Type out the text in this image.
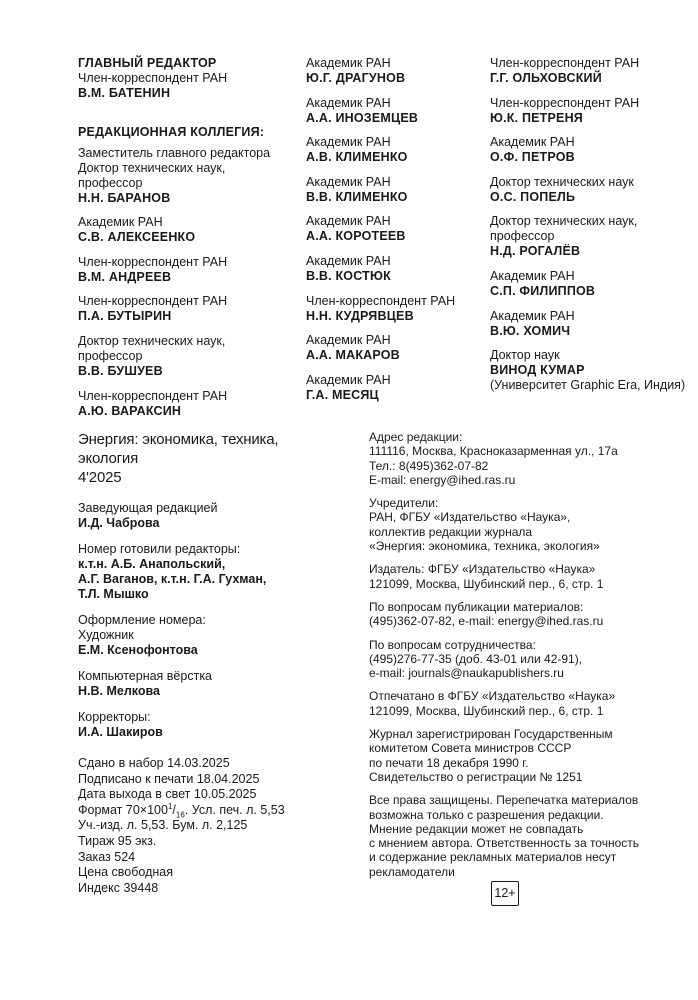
ГЛАВНЫЙ РЕДАКТОР

Член-корреспондент РАН
В.М. БАТЕНИН

РЕДАКЦИОННАЯ КОЛЛЕГИЯ:

Заместитель главного редактора Доктор технических наук, профессор
Н.Н. БАРАНОВ
Академик РАН
С.В. АЛЕКСЕЕНКО
Член-корреспондент РАН
В.М. АНДРЕЕВ
Член-корреспондент РАН
П.А. БУТЫРИН
Доктор технических наук, профессор
В.В. БУШУЕВ
Член-корреспондент РАН
А.Ю. ВАРАКСИН
Академик РАН
Ю.Г. ДРАГУНОВ
Академик РАН
А.А. ИНОЗЕМЦЕВ
Академик РАН
А.В. КЛИМЕНКО
Академик РАН
В.В. КЛИМЕНКО
Академик РАН
А.А. КОРОТЕЕВ
Академик РАН
В.В. КОСТЮК
Член-корреспондент РАН
Н.Н. КУДРЯВЦЕВ
Академик РАН
А.А. МАКАРОВ
Академик РАН
Г.А. МЕСЯЦ
Член-корреспондент РАН
Г.Г. ОЛЬХОВСКИЙ
Член-корреспондент РАН
Ю.К. ПЕТРЕНЯ
Академик РАН
О.Ф. ПЕТРОВ
Доктор технических наук
О.С. ПОПЕЛЬ
Доктор технических наук, профессор
Н.Д. РОГАЛЁВ
Академик РАН
С.П. ФИЛИППОВ
Академик РАН
В.Ю. ХОМИЧ
Доктор наук
ВИНОД КУМАР
(Университет Graphic Era, Индия)
Энергия: экономика, техника, экология
4'2025
Заведующая редакцией
И.Д. Чаброва
Номер готовили редакторы:
к.т.н. А.Б. Анапольский,
А.Г. Ваганов, к.т.н. Г.А. Гухман,
Т.Л. Мышко
Оформление номера:
Художник
Е.М. Ксенофонтова
Компьютерная вёрстка
Н.В. Мелкова
Корректоры:
И.А. Шакиров
Сдано в набор 14.03.2025
Подписано к печати 18.04.2025
Дата выхода в свет 10.05.2025
Формат $70\times 100^1/_{16}$. Усл. печ. л. 5,53
Уч.-изд. л. 5,53. Бум. л. 2,125
Тираж 95 экз.
Заказ 524
Цена свободная
Индекс 39448
Адрес редакции:
111116, Москва, Красноказарменная ул., 17а
Тел.: 8(495)362-07-82
E-mail: energy@ihed.ras.ru
Учредители:
РАН, ФГБУ «Издательство «Наука»,
коллектив редакции журнала
«Энергия: экономика, техника, экология»
Издатель: ФГБУ «Издательство «Наука»
121099, Москва, Шубинский пер., 6, стр. 1
По вопросам публикации материалов:
(495)362-07-82, e-mail: energy@ihed.ras.ru
По вопросам сотрудничества:
(495)276-77-35 (доб. 43-01 или 42-91),
e-mail: journals@naukapublishers.ru
Отпечатано в ФГБУ «Издательство «Наука»
121099, Москва, Шубинский пер., 6, стр. 1
Журнал зарегистрирован Государственным
комитетом Совета министров СССР
по печати 18 декабря 1990 г.
Свидетельство о регистрации № 1251
Все права защищены. Перепечатка материалов
возможна только с разрешения редакции.
Мнение редакции может не совпадать
с мнением автора. Ответственность за точность
и содержание рекламных материалов несут
рекламодатели
12+
